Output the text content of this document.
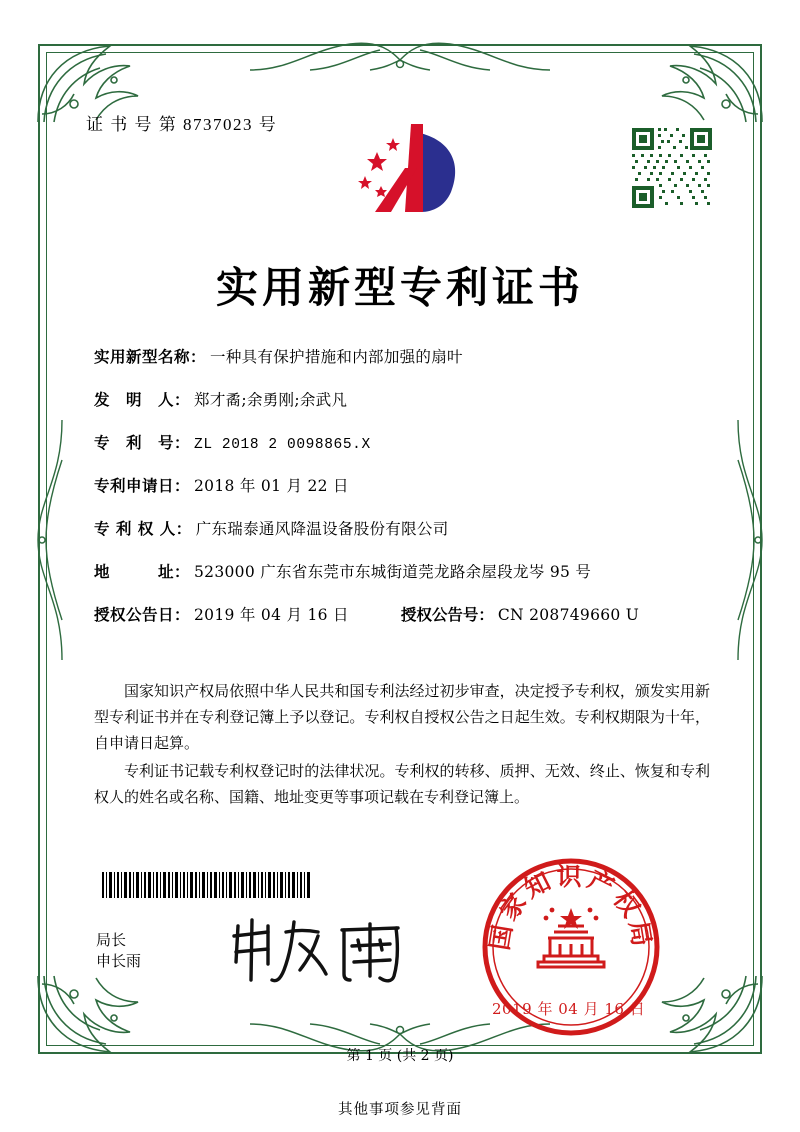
证 书 号 第 8737023 号
实用新型专利证书
实用新型名称： 一种具有保护措施和内部加强的扇叶
发　明　人： 郑才矞;余勇刚;余武凡
专　利　号： ZL 2018 2 0098865.X
专利申请日： 2018 年 01 月 22 日
专 利 权 人： 广东瑞泰通风降温设备股份有限公司
地　　　址： 523000 广东省东莞市东城街道莞龙路余屋段龙岑 95 号
授权公告日： 2019 年 04 月 16 日	授权公告号： CN 208749660 U

国家知识产权局依照中华人民共和国专利法经过初步审查，决定授予专利权，颁发实用新型专利证书并在专利登记簿上予以登记。专利权自授权公告之日起生效。专利权期限为十年，自申请日起算。

专利证书记载专利权登记时的法律状况。专利权的转移、质押、无效、终止、恢复和专利权人的姓名或名称、国籍、地址变更等事项记载在专利登记簿上。

局长
申长雨
国家知识产权局
2019 年 04 月 16 日
第 1 页 (共 2 页)
其他事项参见背面
